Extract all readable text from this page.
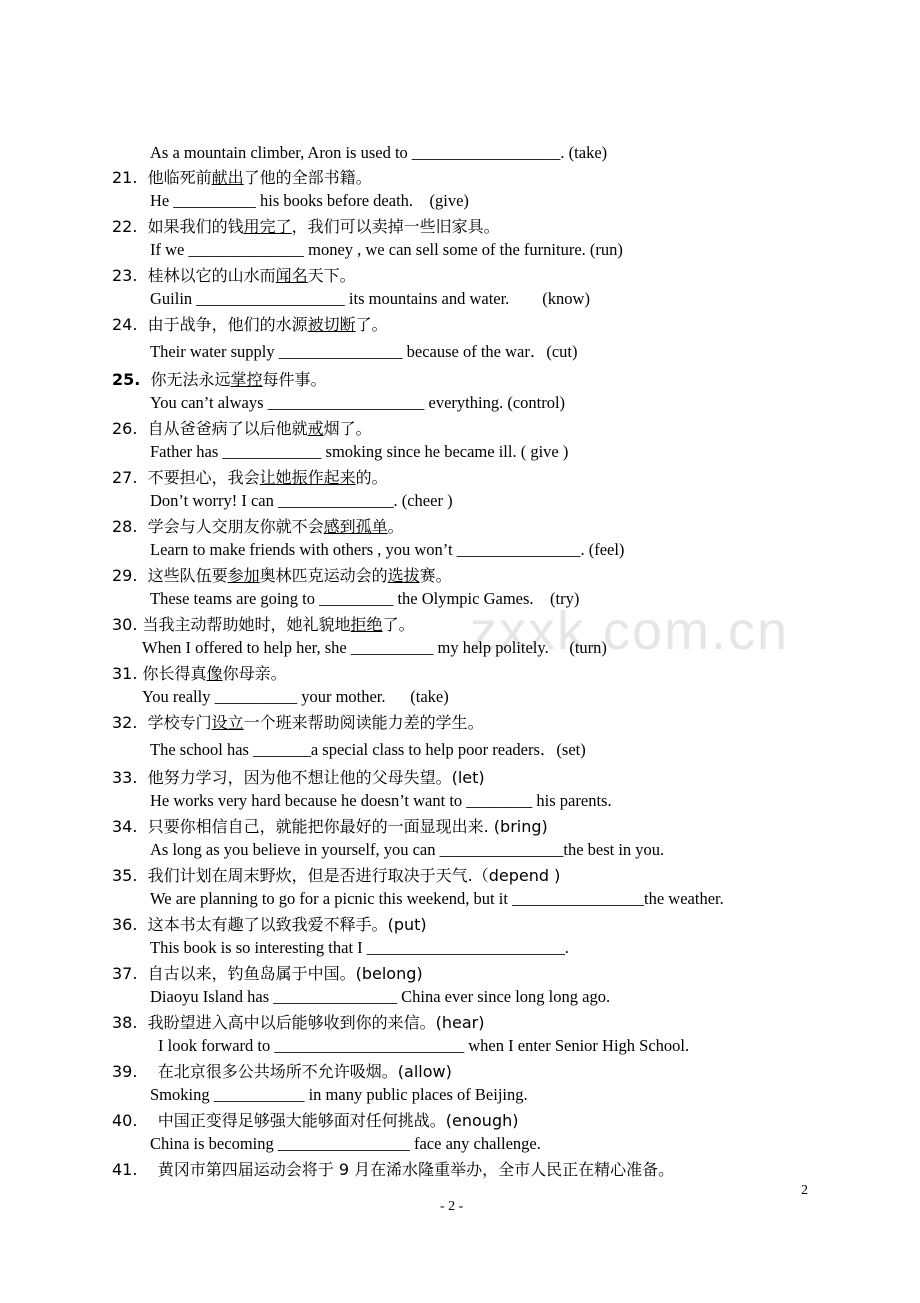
zxxk.com.cn
As a mountain climber, Aron is used to __________________. (take)
21.  他临死前献出了他的全部书籍。
He __________ his books before death.    (give)
22.  如果我们的钱用完了，我们可以卖掉一些旧家具。
If we ______________ money , we can sell some of the furniture. (run)
23.  桂林以它的山水而闻名天下。
Guilin __________________ its mountains and water.        (know)
24.  由于战争，他们的水源被切断了。
Their water supply _______________ because of the war．(cut)
25.  你无法永远掌控每件事。
You can’t always ___________________ everything. (control)
26.  自从爸爸病了以后他就戒烟了。
Father has ____________ smoking since he became ill. ( give )
27.  不要担心，我会让她振作起来的。
Don’t worry! I can ______________. (cheer )
28.  学会与人交朋友你就不会感到孤单。
Learn to make friends with others , you won’t _______________. (feel)
29.  这些队伍要参加奥林匹克运动会的选拔赛。
These teams are going to _________ the Olympic Games.    (try)
30. 当我主动帮助她时，她礼貌地拒绝了。
When I offered to help her, she __________ my help politely.     (turn)
31. 你长得真像你母亲。
You really __________ your mother.      (take)
32.  学校专门设立一个班来帮助阅读能力差的学生。
The school has _______a special class to help poor readers．(set)
33.  他努力学习，因为他不想让他的父母失望。(let)
He works very hard because he doesn’t want to ________ his parents.
34.  只要你相信自己，就能把你最好的一面显现出来. (bring)
As long as you believe in yourself, you can _______________the best in you.
35.  我们计划在周末野炊，但是否进行取决于天气.（depend )
We are planning to go for a picnic this weekend, but it ________________the weather.
36.  这本书太有趣了以致我爱不释手。(put)
This book is so interesting that I ________________________.
37.  自古以来，钓鱼岛属于中国。(belong)
Diaoyu Island has _______________ China ever since long long ago.
38.  我盼望进入高中以后能够收到你的来信。(hear)
I look forward to _______________________ when I enter Senior High School.
39.    在北京很多公共场所不允许吸烟。(allow)
Smoking ___________ in many public places of Beijing.
40.    中国正变得足够强大能够面对任何挑战。(enough)
China is becoming ________________ face any challenge.
41.    黄冈市第四届运动会将于 9 月在浠水隆重举办，全市人民正在精心准备。
2
- 2 -
